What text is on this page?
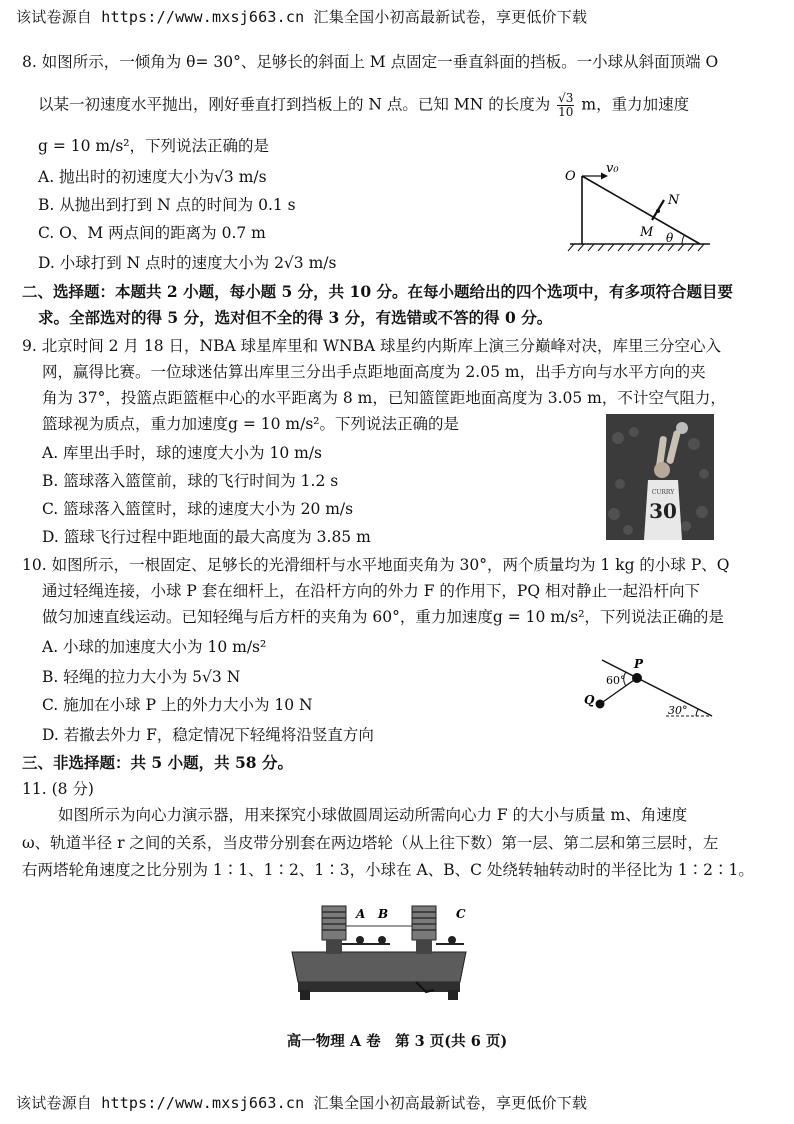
该试卷源自 https://www.mxsj663.cn 汇集全国小初高最新试卷，享更低价下载
8. 如图所示，一倾角为 θ= 30°、足够长的斜面上 M 点固定一垂直斜面的挡板。一小球从斜面顶端 O
以某一初速度水平抛出，刚好垂直打到挡板上的 N 点。已知 MN 的长度为 $\frac{√3}{10}$ m，重力加速度
g = 10 m/s²，下列说法正确的是
A. 抛出时的初速度大小为√3 m/s
B. 从抛出到打到 N 点的时间为 0.1 s
C. O、M 两点间的距离为 0.7 m
D. 小球打到 N 点时的速度大小为 2√3 m/s
O
v₀
N
M θ
二、选择题：本题共 2 小题，每小题 5 分，共 10 分。在每小题给出的四个选项中，有多项符合题目要
求。全部选对的得 5 分，选对但不全的得 3 分，有选错或不答的得 0 分。
9. 北京时间 2 月 18 日，NBA 球星库里和 WNBA 球星约内斯库上演三分巅峰对决，库里三分空心入
网，赢得比赛。一位球迷估算出库里三分出手点距地面高度为 2.05 m，出手方向与水平方向的夹
角为 37°，投篮点距篮框中心的水平距离为 8 m，已知篮筐距地面高度为 3.05 m，不计空气阻力，
篮球视为质点，重力加速度g = 10 m/s²。下列说法正确的是
A. 库里出手时，球的速度大小为 10 m/s
B. 篮球落入篮筐前，球的飞行时间为 1.2 s
C. 篮球落入篮筐时，球的速度大小为 20 m/s
D. 篮球飞行过程中距地面的最大高度为 3.85 m
CURRY
30
10. 如图所示，一根固定、足够长的光滑细杆与水平地面夹角为 30°，两个质量均为 1 kg 的小球 P、Q
通过轻绳连接，小球 P 套在细杆上，在沿杆方向的外力 F 的作用下，PQ 相对静止一起沿杆向下
做匀加速直线运动。已知轻绳与后方杆的夹角为 60°，重力加速度g = 10 m/s²，下列说法正确的是
A. 小球的加速度大小为 10 m/s²
B. 轻绳的拉力大小为 5√3 N
C. 施加在小球 P 上的外力大小为 10 N
D. 若撤去外力 F，稳定情况下轻绳将沿竖直方向
30°
P
Q
60°
三、非选择题：共 5 小题，共 58 分。
11. (8 分)
如图所示为向心力演示器，用来探究小球做圆周运动所需向心力 F 的大小与质量 m、角速度
ω、轨道半径 r 之间的关系，当皮带分别套在两边塔轮（从上往下数）第一层、第二层和第三层时，左
右两塔轮角速度之比分别为 1∶1、1∶2、1∶3，小球在 A、B、C 处绕转轴转动时的半径比为 1∶2∶1。
A B	C
高一物理 A 卷　第 3 页(共 6 页)
该试卷源自 https://www.mxsj663.cn 汇集全国小初高最新试卷，享更低价下载
